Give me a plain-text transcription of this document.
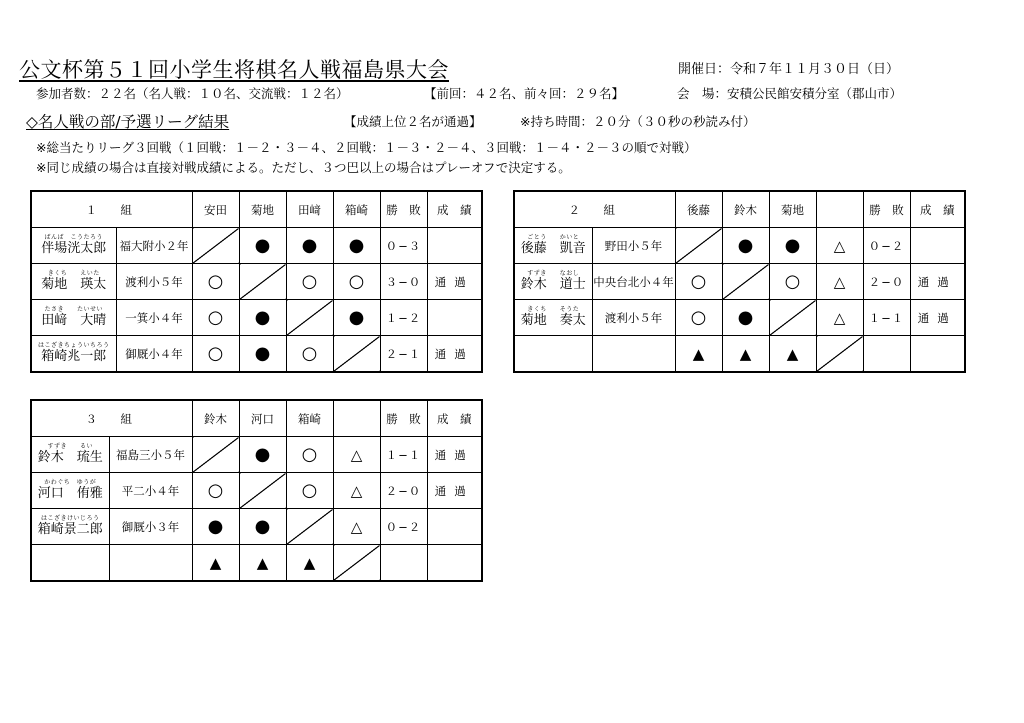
公文杯第５１回小学生将棋名人戦福島県大会	開催日：令和７年１１月３０日（日）
参加者数：２２名（名人戦：１０名、交流戦：１２名）	【前回：４２名、前々回：２９名】	会　場：安積公民館安積分室（郡山市）
◇名人戦の部/予選リーグ結果	【成績上位２名が通過】	※持ち時間：２０分（３０秒の秒読み付）
※総当たりリーグ３回戦（１回戦：１－２・３－４、２回戦：１－３・２－４、３回戦：１－４・２－３の順で対戦）
※同じ成績の場合は直接対戦成績による。ただし、３つ巴以上の場合はプレーオフで決定する。
１　組		安田	菊地	田﨑	箱崎	勝　敗	成　績

ばんば　こうたろう
伴場洸太郎	福大附小２年		●	●	●	０−３	

きくち　　えいた
菊地　瑛太	渡利小５年	○		○	○	３−０	通過

たさき　　たいせい
田﨑　大晴	一箕小４年	○	●		●	１−２	

はこざきちょういちろう
箱崎兆一郎	御厩小４年	○	●	○		２−１	通過
２　組		後藤	鈴木	菊地		勝　敗	成　績

ごとう　　かいと
後藤　凱音	野田小５年		●	●	△	０−２	

すずき　　なおし
鈴木　道士	中央台北小４年	○		○	△	２−０	通過

きくち　　そうた
菊地　奏太	渡利小５年	○	●		△	１−１	通過

		▲	▲	▲			
３　組		鈴木	河口	箱崎		勝　敗	成　績

すずき　　るい
鈴木　琉生	福島三小５年		●	○	△	１−１	通過

かわぐち　ゆうが
河口　侑雅	平二小４年	○		○	△	２−０	通過

はこざきけいじろう
箱崎景二郎	御厩小３年	●	●		△	０−２	

		▲	▲	▲			
